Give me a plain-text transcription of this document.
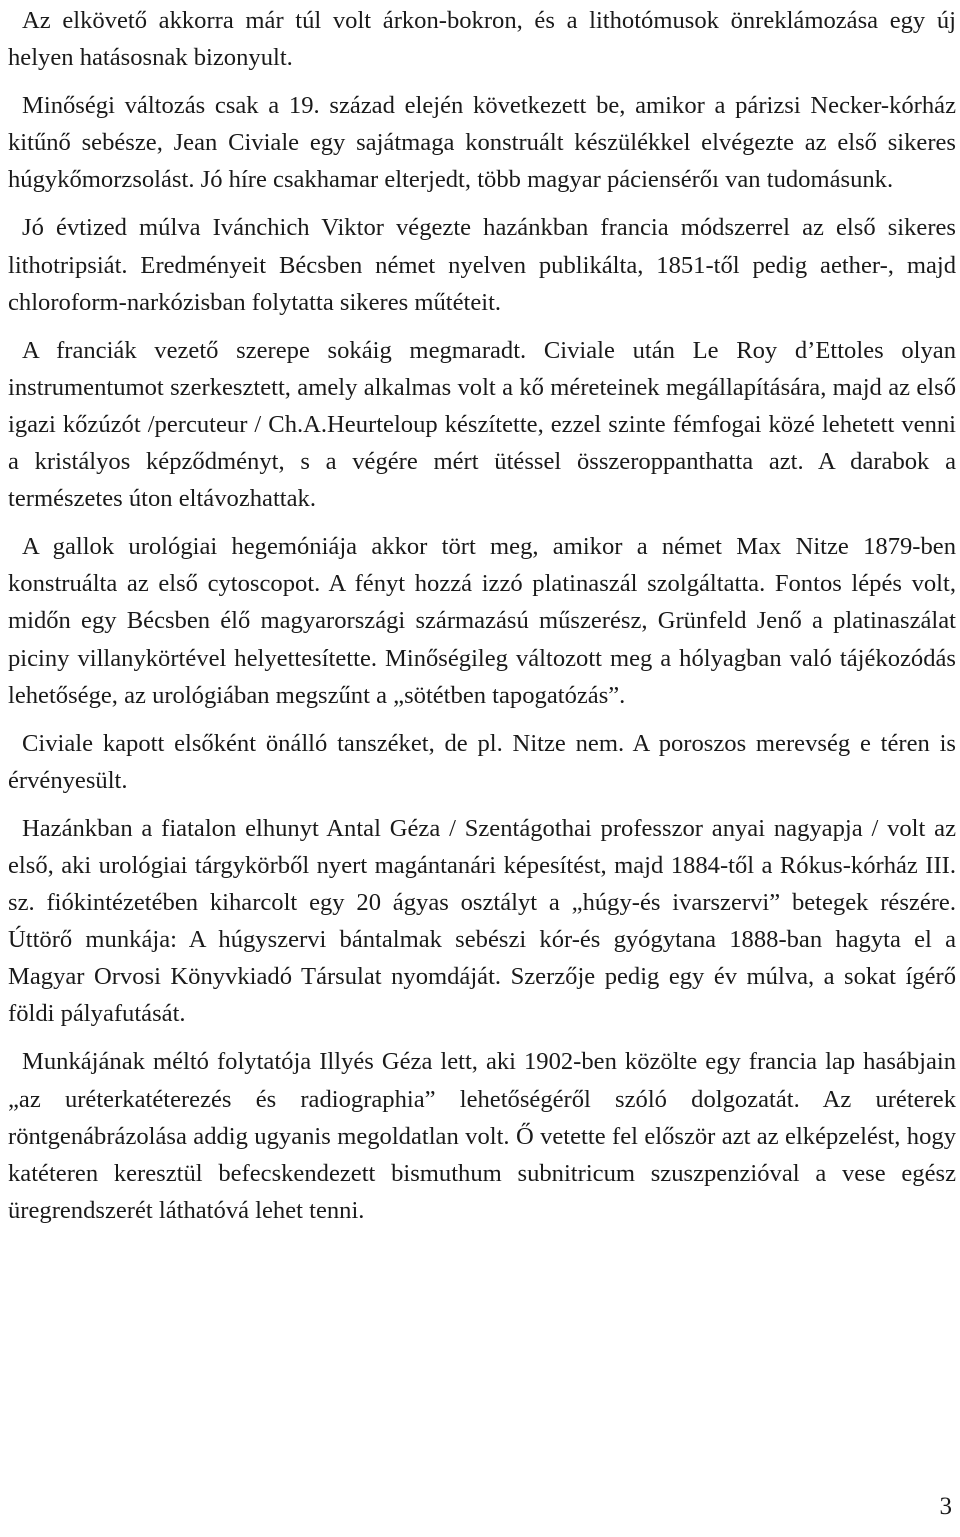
Az elkövető akkorra már túl volt árkon-bokron, és a lithotómusok önreklámozása egy új helyen hatásosnak bizonyult.

Minőségi változás csak a 19. század elején következett be, amikor a párizsi Necker-kórház kitűnő sebésze, Jean Civiale egy sajátmaga konstruált készülékkel elvégezte az első sikeres húgykőmorzsolást. Jó híre csakhamar elterjedt, több magyar páciensérőı van tudomásunk.

Jó évtized múlva Ivánchich Viktor végezte hazánkban francia módszerrel az első sikeres lithotripsiát. Eredményeit Bécsben német nyelven publikálta, 1851-től pedig aether-, majd chloroform-narkózisban folytatta sikeres műtéteit.

A franciák vezető szerepe sokáig megmaradt. Civiale után Le Roy d’Ettoles olyan instrumentumot szerkesztett, amely alkalmas volt a kő méreteinek megállapítására, majd az első igazi kőzúzót /percuteur / Ch.A.Heurteloup készítette, ezzel szinte fémfogai közé lehetett venni a kristályos képződményt, s a végére mért ütéssel összeroppanthatta azt. A darabok a természetes úton eltávozhattak.

A gallok urológiai hegemóniája akkor tört meg, amikor a német Max Nitze 1879-ben konstruálta az első cytoscopot. A fényt hozzá izzó platinaszál szolgáltatta. Fontos lépés volt, midőn egy Bécsben élő magyarországi származású műszerész, Grünfeld Jenő a platinaszálat piciny villanykörtével helyettesítette. Minőségileg változott meg a hólyagban való tájékozódás lehetősége, az urológiában megszűnt a „sötétben tapogatózás”.

Civiale kapott elsőként önálló tanszéket, de pl. Nitze nem. A poroszos merevség e téren is érvényesült.

Hazánkban a fiatalon elhunyt Antal Géza / Szentágothai professzor anyai nagyapja / volt az első, aki urológiai tárgykörből nyert magántanári képesítést, majd 1884-től a Rókus-kórház III. sz. fiókintézetében kiharcolt egy 20 ágyas osztályt a „húgy-és ivarszervi” betegek részére. Úttörő munkája: A húgyszervi bántalmak sebészi kór-és gyógytana 1888-ban hagyta el a Magyar Orvosi Könyvkiadó Társulat nyomdáját. Szerzője pedig egy év múlva, a sokat ígérő földi pályafutását.

Munkájának méltó folytatója Illyés Géza lett, aki 1902-ben közölte egy francia lap hasábjain „az uréterkatéterezés és radiographia” lehetőségéről szóló dolgozatát. Az uréterek röntgenábrázolása addig ugyanis megoldatlan volt. Ő vetette fel először azt az elképzelést, hogy katéteren keresztül befecskendezett bismuthum subnitricum szuszpenzióval a vese egész üregrendszerét láthatóvá lehet tenni.

3
